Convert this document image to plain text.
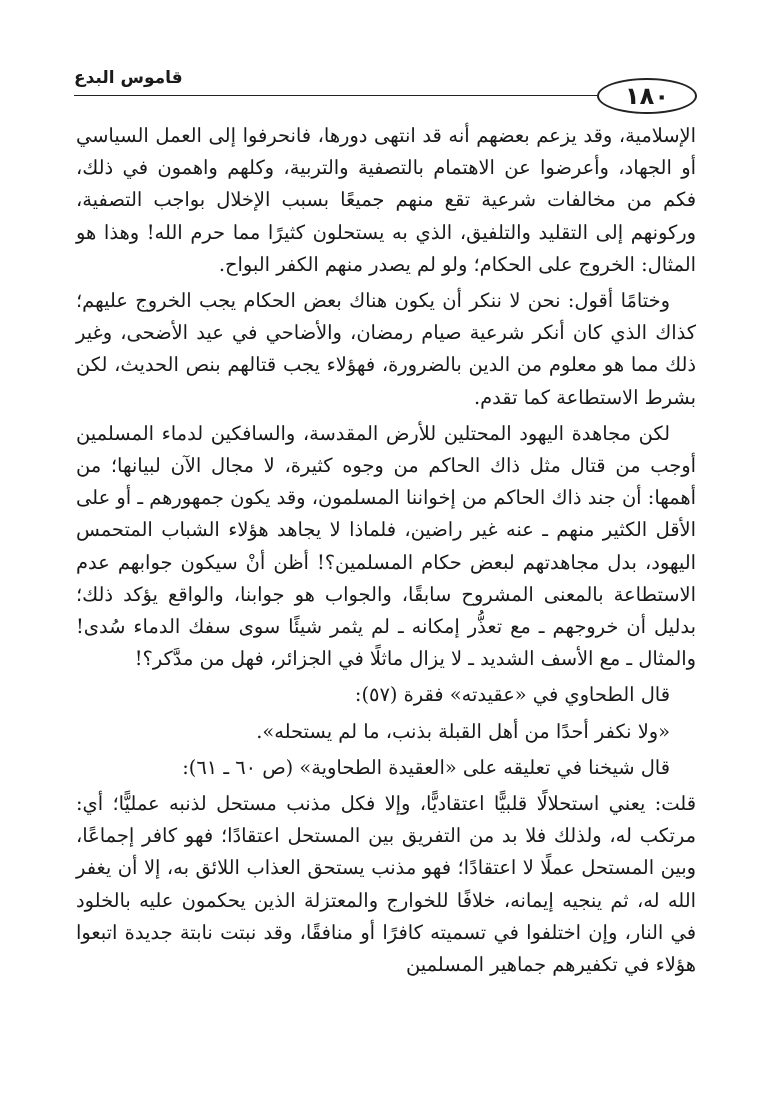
قاموس البدع
١٨٠

الإسلامية، وقد يزعم بعضهم أنه قد انتهى دورها، فانحرفوا إلى العمل السياسي أو الجهاد، وأعرضوا عن الاهتمام بالتصفية والتربية، وكلهم واهمون في ذلك، فكم من مخالفات شرعية تقع منهم جميعًا بسبب الإخلال بواجب التصفية، وركونهم إلى التقليد والتلفيق، الذي به يستحلون كثيرًا مما حرم الله! وهذا هو المثال: الخروج على الحكام؛ ولو لم يصدر منهم الكفر البواح.

وختامًا أقول: نحن لا ننكر أن يكون هناك بعض الحكام يجب الخروج عليهم؛ كذاك الذي كان أنكر شرعية صيام رمضان، والأضاحي في عيد الأضحى، وغير ذلك مما هو معلوم من الدين بالضرورة، فهؤلاء يجب قتالهم بنص الحديث، لكن بشرط الاستطاعة كما تقدم.

لكن مجاهدة اليهود المحتلين للأرض المقدسة، والسافكين لدماء المسلمين أوجب من قتال مثل ذاك الحاكم من وجوه كثيرة، لا مجال الآن لبيانها؛ من أهمها: أن جند ذاك الحاكم من إخواننا المسلمون، وقد يكون جمهورهم ـ أو على الأقل الكثير منهم ـ عنه غير راضين، فلماذا لا يجاهد هؤلاء الشباب المتحمس اليهود، بدل مجاهدتهم لبعض حكام المسلمين؟! أظن أنْ سيكون جوابهم عدم الاستطاعة بالمعنى المشروح سابقًا، والجواب هو جوابنا، والواقع يؤكد ذلك؛ بدليل أن خروجهم ـ مع تعذُّر إمكانه ـ لم يثمر شيئًا سوى سفك الدماء سُدى! والمثال ـ مع الأسف الشديد ـ لا يزال ماثلًا في الجزائر، فهل من مدَّكر؟!

قال الطحاوي في «عقيدته» فقرة (٥٧):

«ولا نكفر أحدًا من أهل القبلة بذنب، ما لم يستحله».

قال شيخنا في تعليقه على «العقيدة الطحاوية» (ص ٦٠ ـ ٦١):

قلت: يعني استحلالًا قلبيًّا اعتقاديًّا، وإلا فكل مذنب مستحل لذنبه عمليًّا؛ أي: مرتكب له، ولذلك فلا بد من التفريق بين المستحل اعتقادًا؛ فهو كافر إجماعًا، وبين المستحل عملًا لا اعتقادًا؛ فهو مذنب يستحق العذاب اللائق به، إلا أن يغفر الله له، ثم ينجيه إيمانه، خلافًا للخوارج والمعتزلة الذين يحكمون عليه بالخلود في النار، وإن اختلفوا في تسميته كافرًا أو منافقًا، وقد نبتت نابتة جديدة اتبعوا هؤلاء في تكفيرهم جماهير المسلمين
